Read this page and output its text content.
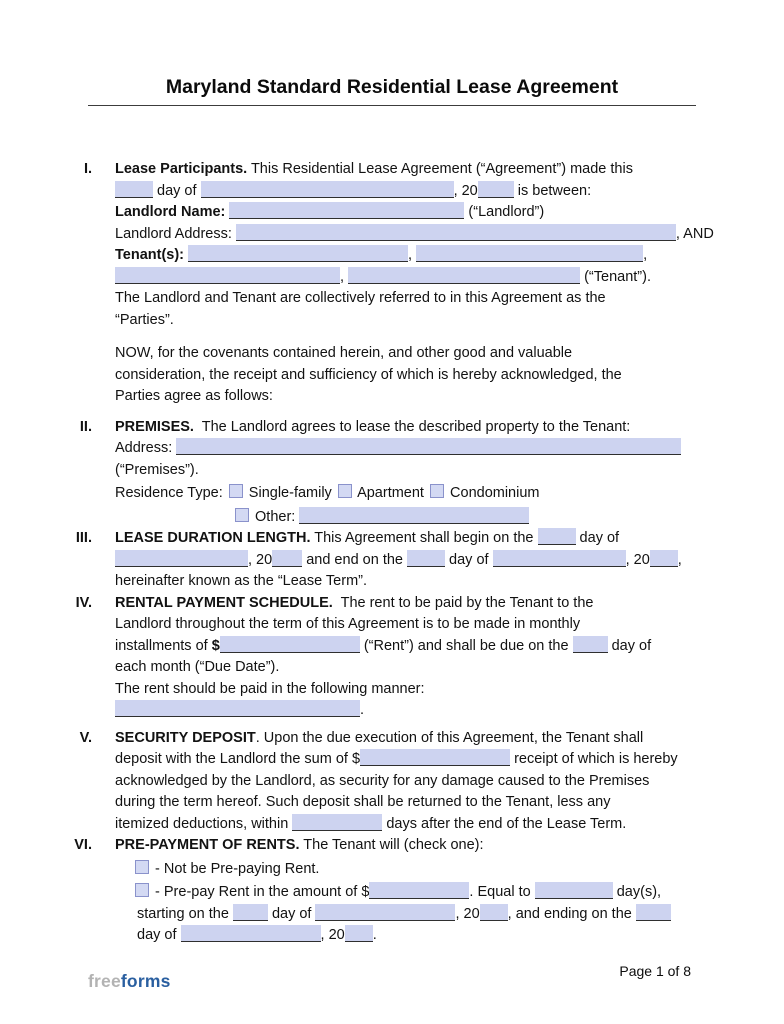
Maryland Standard Residential Lease Agreement
I. Lease Participants. This Residential Lease Agreement (“Agreement”) made this
day of	, 20 is between:
Landlord Name:	(“Landlord”)
Landlord Address:	, AND
Tenant(s):	,	,
,	(“Tenant”).
The Landlord and Tenant are collectively referred to in this Agreement as the
“Parties”.
NOW, for the covenants contained herein, and other good and valuable
consideration, the receipt and sufficiency of which is hereby acknowledged, the
Parties agree as follows:
II. PREMISES.  The Landlord agrees to lease the described property to the Tenant:
Address:
(“Premises”).
Residence Type:  Single-family  Apartment  Condominium
Other:
III. LEASE DURATION LENGTH. This Agreement shall begin on the	day of
, 20 and end on the	day of	, 20 ,
hereinafter known as the “Lease Term”.
IV. RENTAL PAYMENT SCHEDULE.  The rent to be paid by the Tenant to the
Landlord throughout the term of this Agreement is to be made in monthly
installments of $	(“Rent”) and shall be due on the  day of
each month (“Due Date”).
The rent should be paid in the following manner:
.
V. SECURITY DEPOSIT. Upon the due execution of this Agreement, the Tenant shall
deposit with the Landlord the sum of $	receipt of which is hereby
acknowledged by the Landlord, as security for any damage caused to the Premises
during the term hereof. Such deposit shall be returned to the Tenant, less any
itemized deductions, within	days after the end of the Lease Term.
VI. PRE-PAYMENT OF RENTS. The Tenant will (check one):
- Not be Pre-paying Rent.
- Pre-pay Rent in the amount of $	. Equal to	day(s),
starting on the  day of	, 20 , and ending on the
day of	, 20 .
freeforms	Page 1 of 8
